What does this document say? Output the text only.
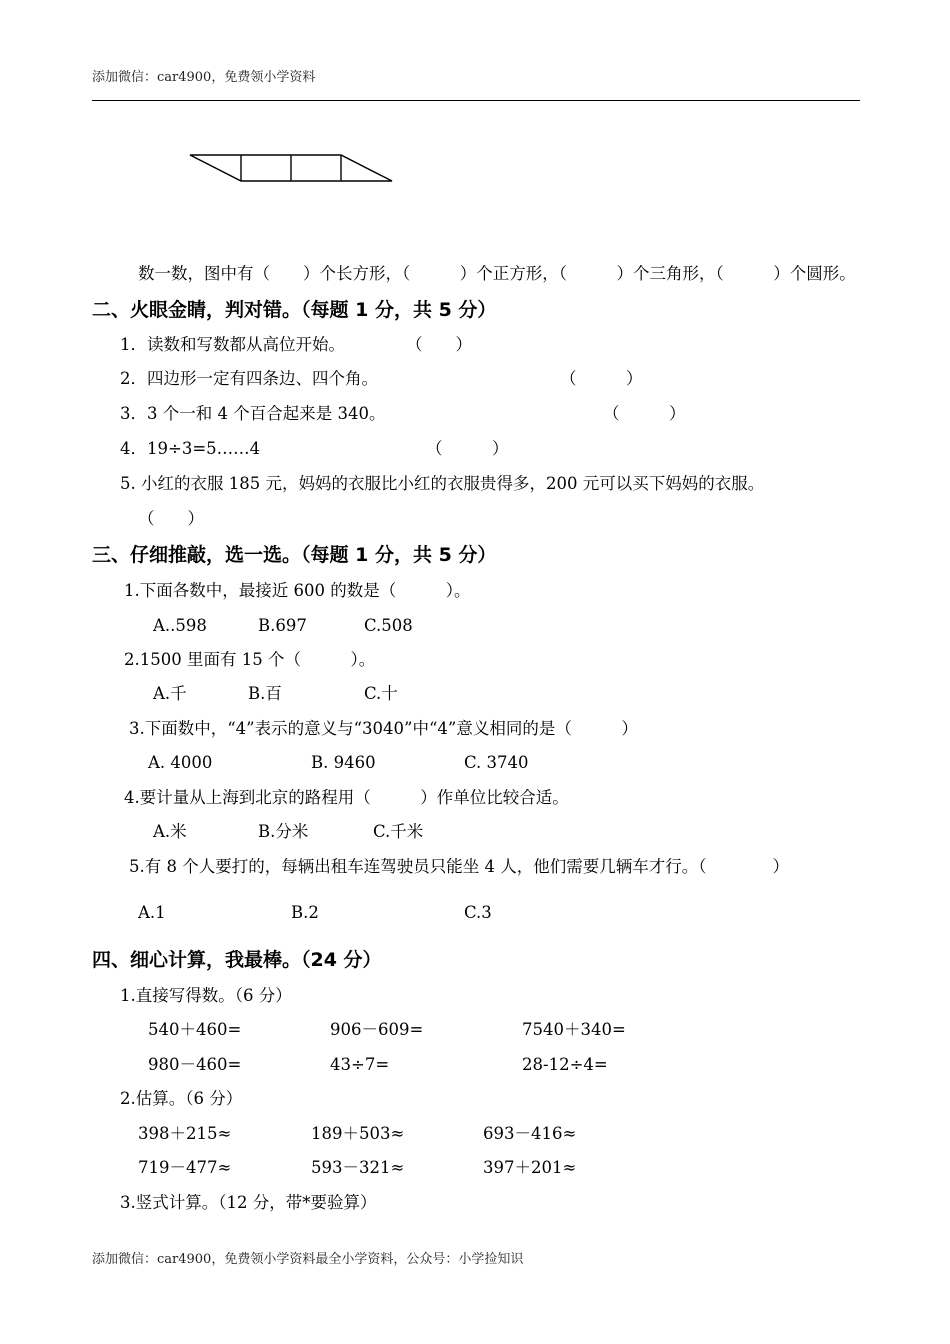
添加微信：car4900，免费领小学资料
数一数，图中有（　　）个长方形，（　　　）个正方形，（　　　）个三角形，（　　　）个圆形。
二、火眼金睛，判对错。（每题 1 分，共 5 分）
1．读数和写数都从高位开始。	（　　）
2．四边形一定有四条边、四个角。	（　　　）
3．3 个一和 4 个百合起来是 340。	（　　　）
4．19÷3=5……4	（　　　）
5. 小红的衣服 185 元，妈妈的衣服比小红的衣服贵得多，200 元可以买下妈妈的衣服。
（　　）
三、仔细推敲，选一选。（每题 1 分，共 5 分）
1.下面各数中，最接近 600 的数是（　　　）。
A..598	B.697	C.508
2.1500 里面有 15 个（　　　）。
A.千	B.百	C.十
3.下面数中，“4”表示的意义与“3040”中“4”意义相同的是（　　　）
A. 4000	B. 9460	C. 3740
4.要计量从上海到北京的路程用（　　　）作单位比较合适。
A.米	B.分米	C.千米
5.有 8 个人要打的，每辆出租车连驾驶员只能坐 4 人，他们需要几辆车才行。（　　　　）
A.1	B.2	C.3
四、细心计算，我最棒。（24 分）
1.直接写得数。（6 分）
540＋460=	906－609=	7540＋340=
980－460=	43÷7=	28-12÷4=
2.估算。（6 分）
398＋215≈	189＋503≈	693－416≈
719－477≈	593－321≈	397＋201≈
3.竖式计算。（12 分，带*要验算）
添加微信：car4900，免费领小学资料最全小学资料，公众号：小学捡知识
